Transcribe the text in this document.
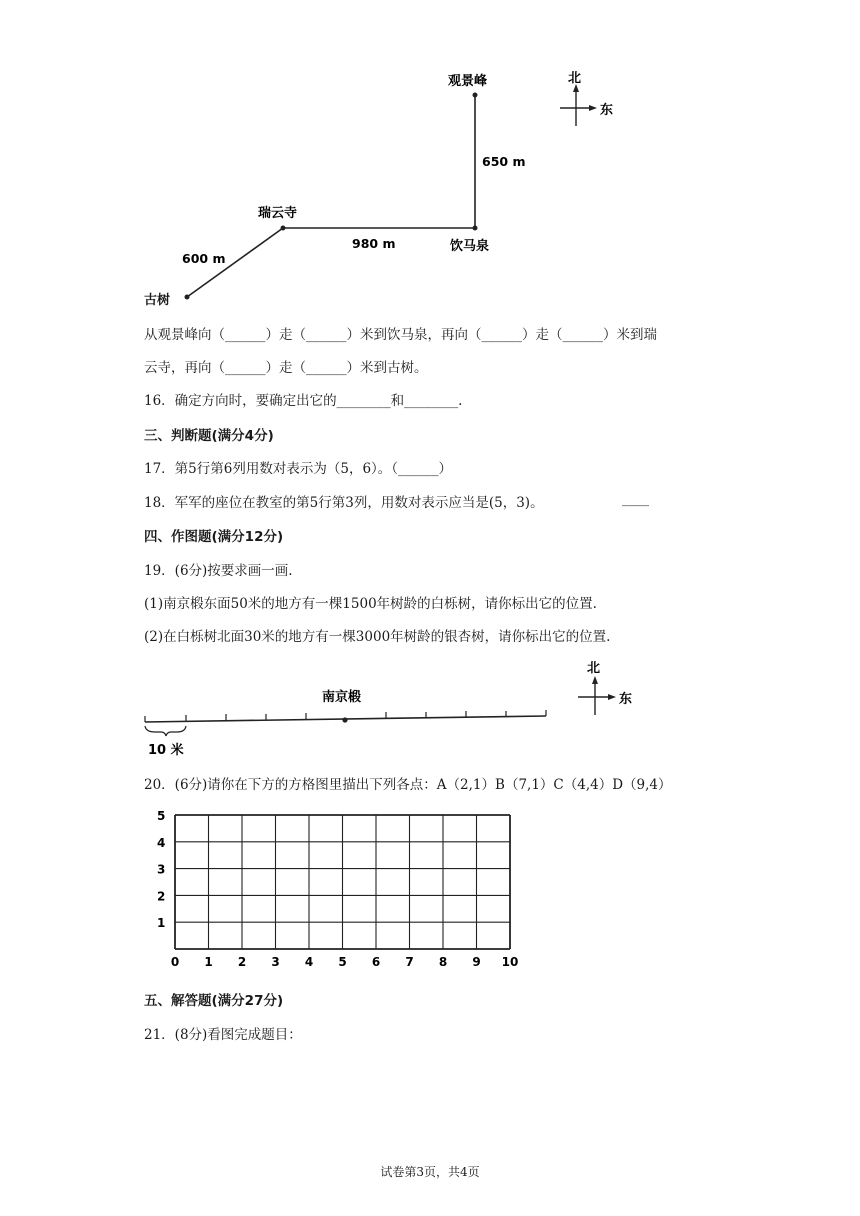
观景峰
650 m
瑞云寺
980 m	饮马泉
600 m
北
东
古树
从观景峰向（______）走（______）米到饮马泉，再向（______）走（______）米到瑞
云寺，再向（______）走（______）米到古树。
16．确定方向时，要确定出它的________和________.
三、判断题(满分4分)
17．第5行第6列用数对表示为（5，6）。（______）
18．军军的座位在教室的第5行第3列，用数对表示应当是(5，3)。	____
四、作图题(满分12分)
19．(6分)按要求画一画.
(1)南京椴东面50米的地方有一棵1500年树龄的白栎树，请你标出它的位置.
(2)在白栎树北面30米的地方有一棵3000年树龄的银杏树，请你标出它的位置.
南京椴
10 米
北
东
20．(6分)请你在下方的方格图里描出下列各点：A（2,1）B（7,1）C（4,4）D（9,4）
0 1 2 3 4 5 6 7 8 9 10
1
2
3
4
5
五、解答题(满分27分)
21．(8分)看图完成题目：
试卷第3页，共4页
